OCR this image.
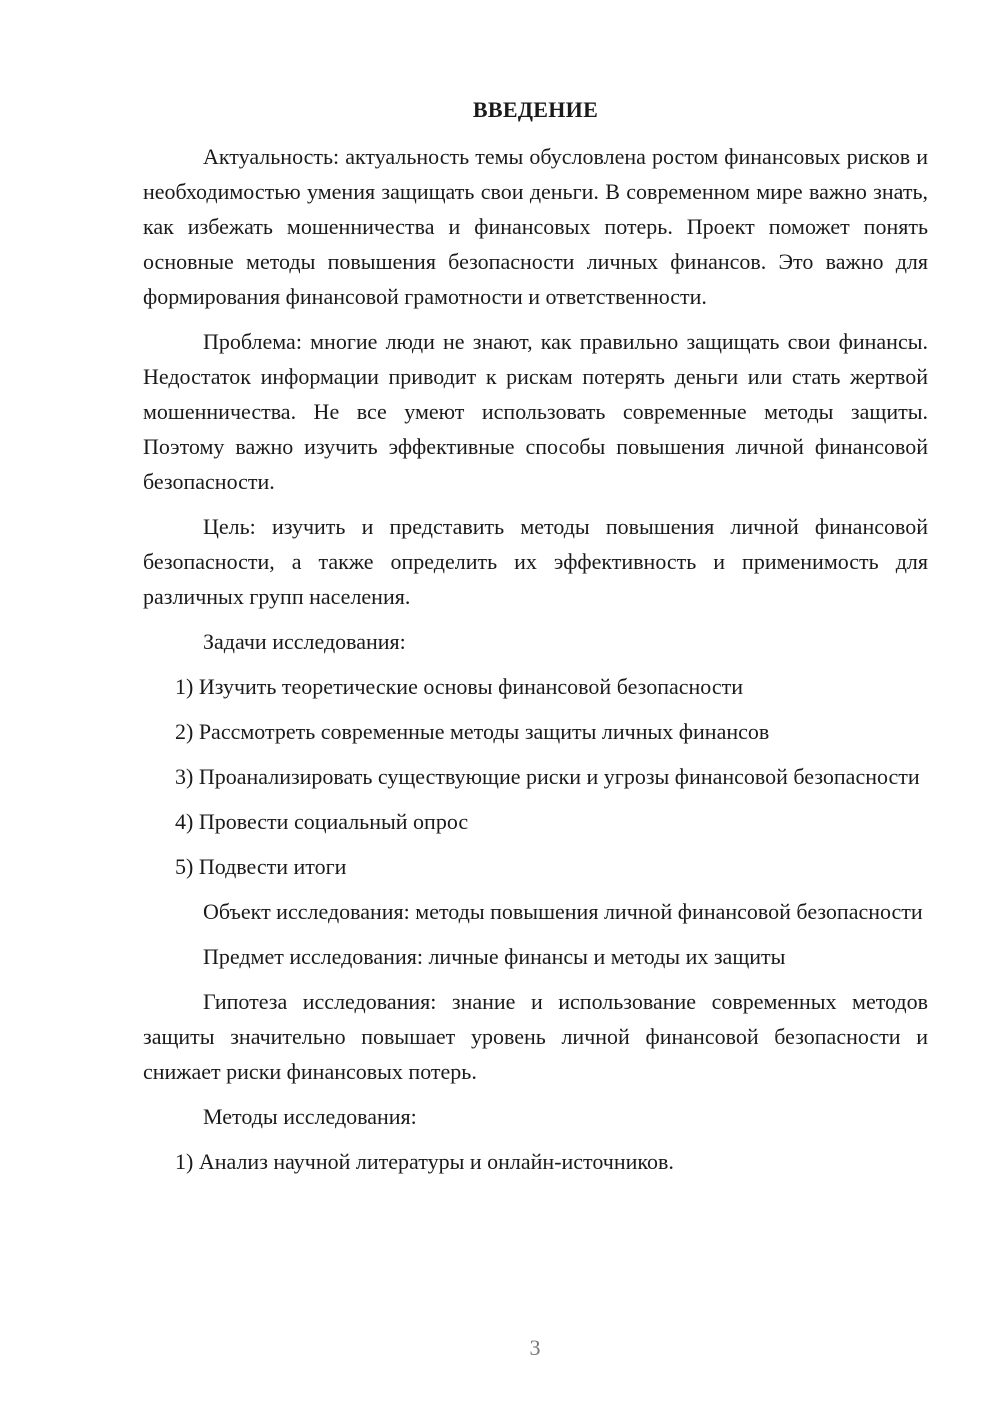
ВВЕДЕНИЕ

Актуальность: актуальность темы обусловлена ростом финансовых рисков и необходимостью умения защищать свои деньги. В современном мире важно знать, как избежать мошенничества и финансовых потерь. Проект поможет понять основные методы повышения безопасности личных финансов. Это важно для формирования финансовой грамотности и ответственности.

Проблема: многие люди не знают, как правильно защищать свои финансы. Недостаток информации приводит к рискам потерять деньги или стать жертвой мошенничества. Не все умеют использовать современные методы защиты. Поэтому важно изучить эффективные способы повышения личной финансовой безопасности.

Цель: изучить и представить методы повышения личной финансовой безопасности, а также определить их эффективность и применимость для различных групп населения.

Задачи исследования:

1) Изучить теоретические основы финансовой безопасности

2) Рассмотреть современные методы защиты личных финансов

3) Проанализировать существующие риски и угрозы финансовой безопасности

4) Провести социальный опрос

5) Подвести итоги

Объект исследования: методы повышения личной финансовой безопасности

Предмет исследования: личные финансы и методы их защиты

Гипотеза исследования: знание и использование современных методов защиты значительно повышает уровень личной финансовой безопасности и снижает риски финансовых потерь.

Методы исследования:

1) Анализ научной литературы и онлайн-источников.

3
